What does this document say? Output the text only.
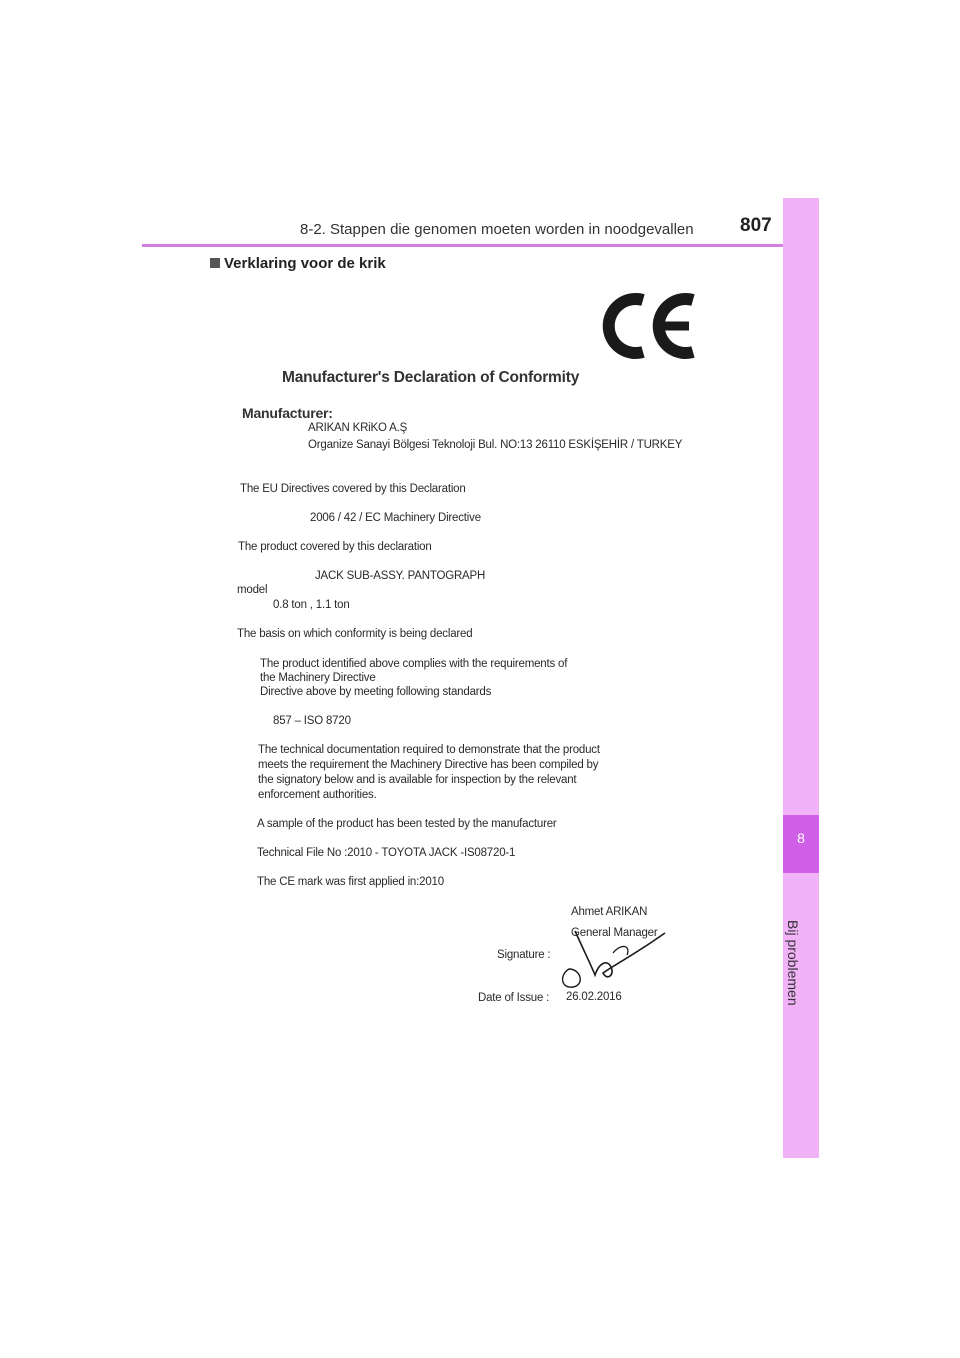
8-2. Stappen die genomen moeten worden in noodgevallen 807
8
Bij problemen
Verklaring voor de krik
Manufacturer's Declaration of Conformity
Manufacturer:
ARIKAN KRiKO A.Ş
Organize Sanayi Bölgesi Teknoloji Bul. NO:13 26110 ESKİŞEHİR / TURKEY
The EU Directives covered by this Declaration
2006 / 42 / EC Machinery Directive
The product covered by this declaration
JACK SUB-ASSY. PANTOGRAPH
model
0.8 ton , 1.1 ton
The basis on which conformity is being declared
The product identified above complies with the requirements of
the Machinery Directive
Directive above by meeting following standards
857 – ISO 8720
The technical documentation required to demonstrate that the product
meets the requirement the Machinery Directive has been compiled by
the signatory below and is available for inspection by the relevant
enforcement authorities.
A sample of the product has been tested by the manufacturer
Technical File No :2010 - TOYOTA JACK -IS08720-1
The CE mark was first applied in:2010
Ahmet ARIKAN
General Manager
Signature :
Date of Issue : 26.02.2016
